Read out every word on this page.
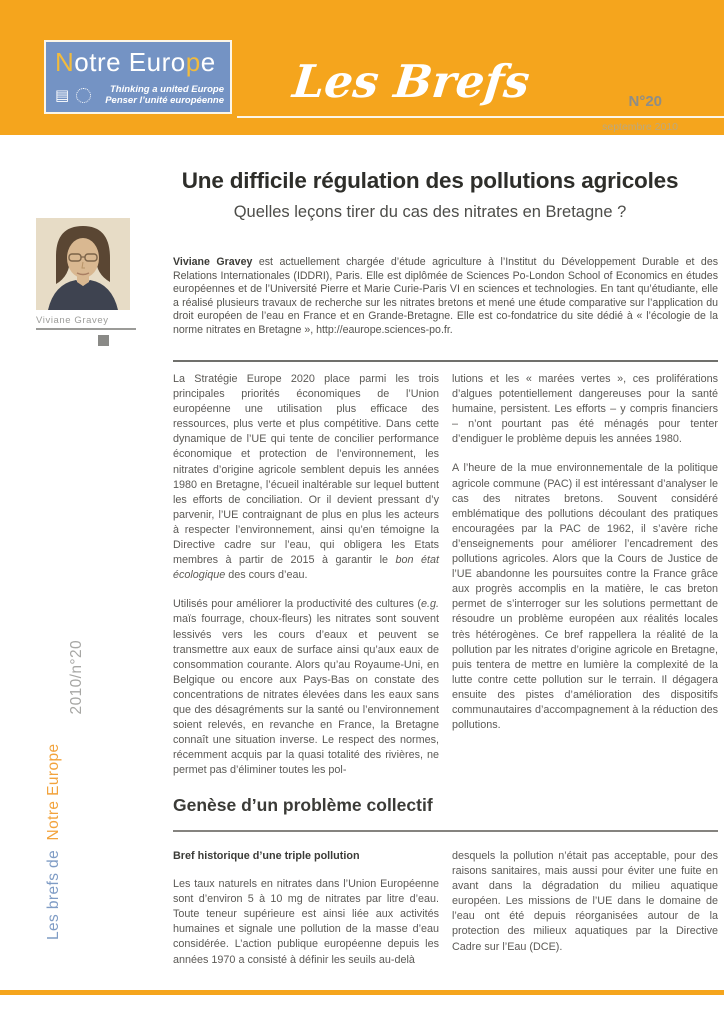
Notre Europe
▤	Thinking a united Europe
Penser l’unité européenne Les Brefs	N°20
septembre 2010
Une difficile régulation des pollutions agricoles
Quelles leçons tirer du cas des nitrates en Bretagne ?
Viviane Gravey
Viviane Gravey est actuellement chargée d’étude agriculture à l’Institut du Développement Durable et des Relations Internationales (IDDRI), Paris. Elle est diplômée de Sciences Po-London School of Economics en études européennes et de l’Université Pierre et Marie Curie-Paris VI en sciences et technologies. En tant qu’étudiante, elle a réalisé plusieurs travaux de recherche sur les nitrates bretons et mené une étude comparative sur l’application du droit européen de l’eau en France et en Grande-Bretagne. Elle est co-fondatrice du site dédié à « l’écologie de la norme nitrates en Bretagne », http://eaurope.sciences-po.fr.

La Stratégie Europe 2020 place parmi les trois principales priorités économiques de l’Union européenne une utilisation plus efficace des ressources, plus verte et plus compétitive. Dans cette dynamique de l’UE qui tente de concilier performance économique et protection de l’environnement, les nitrates d’origine agricole semblent depuis les années 1980 en Bretagne, l’écueil inaltérable sur lequel buttent les efforts de conciliation. Or il devient pressant d’y parvenir, l’UE contraignant de plus en plus les acteurs à respecter l’environnement, ainsi qu’en témoigne la Directive cadre sur l’eau, qui obligera les Etats membres à partir de 2015 à garantir le bon état écologique des cours d’eau.

Utilisés pour améliorer la productivité des cultures (e.g. maïs fourrage, choux-fleurs) les nitrates sont souvent lessivés vers les cours d’eaux et peuvent se transmettre aux eaux de surface ainsi qu’aux eaux de consommation courante. Alors qu’au Royaume-Uni, en Belgique ou encore aux Pays-Bas on constate des concentrations de nitrates élevées dans les eaux sans que des désagréments sur la santé ou l’environnement soient relevés, en revanche en France, la Bretagne connaît une situation inverse. Le respect des normes, récemment acquis par la quasi totalité des rivières, ne permet pas d’éliminer toutes les pol-

lutions et les « marées vertes », ces proliférations d’algues potentiellement dangereuses pour la santé humaine, persistent. Les efforts – y compris financiers – n’ont pourtant pas été ménagés pour tenter d’endiguer le problème depuis les années 1980.

A l’heure de la mue environnementale de la politique agricole commune (PAC) il est intéressant d’analyser le cas des nitrates bretons. Souvent considéré emblématique des pollutions découlant des pratiques encouragées par la PAC de 1962, il s’avère riche d’enseignements pour améliorer l’encadrement des pollutions agricoles. Alors que la Cours de Justice de l’UE abandonne les poursuites contre la France grâce aux progrès accomplis en la matière, le cas breton permet de s’interroger sur les solutions permettant de résoudre un problème européen aux réalités locales très hétérogènes. Ce bref rappellera la réalité de la pollution par les nitrates d’origine agricole en Bretagne, puis tentera de mettre en lumière la complexité de la lutte contre cette pollution sur le terrain. Il dégagera ensuite des pistes d’amélioration des dispositifs communautaires d’accompagnement à la réduction des pollutions.

Genèse d’un problème collectif
Bref historique d’une triple pollution

Les taux naturels en nitrates dans l’Union Européenne sont d’environ 5 à 10 mg de nitrates par litre d’eau. Toute teneur supérieure est ainsi liée aux activités humaines et signale une pollution de la masse d’eau considérée. L’action publique européenne depuis les années 1970 a consisté à définir les seuils au-delà

desquels la pollution n’était pas acceptable, pour des raisons sanitaires, mais aussi pour éviter une fuite en avant dans la dégradation du milieu aquatique européen. Les missions de l’UE dans le domaine de l’eau ont été depuis réorganisées autour de la protection des milieux aquatiques par la Directive Cadre sur l’Eau (DCE).

Les brefs de  Notre Europe
2010/n°20
